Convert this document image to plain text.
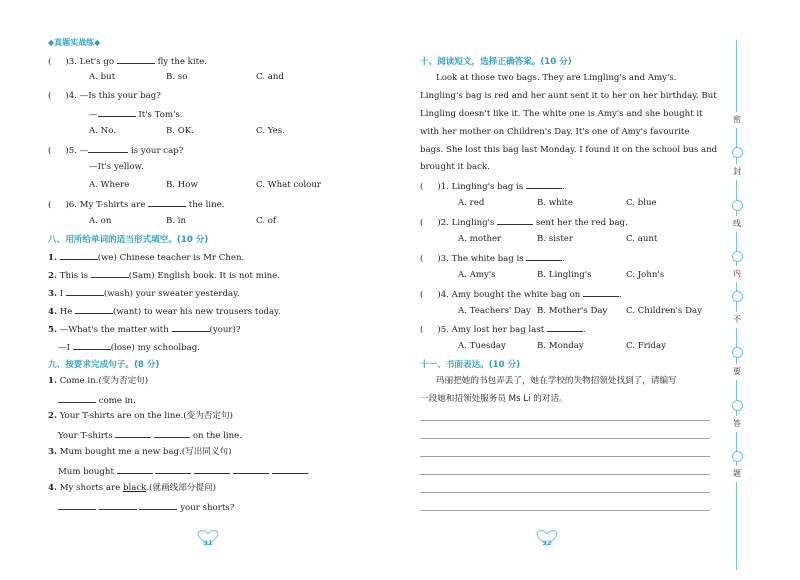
◆真题实战练◆
( )3. Let's go	fly the kite.
A. but	B. so	C. and
( )4. —Is this your bag?
—	It's Tom's.
A. No.	B. OK.	C. Yes.
( )5. —	is your cap?
—It's yellow.
A. Where	B. How	C. What colour
( )6. My T-shirts are	the line.
A. on	B. in	C. of
八、用所给单词的适当形式填空。(10 分)
1.	(we) Chinese teacher is Mr Chen.
2. This is	(Sam) English book. It is not mine.
3. I	(wash) your sweater yesterday.
4. He	(want) to wear his new trousers today.
5. —What's the matter with	(your)?
—I	(lose) my schoolbag.
九、按要求完成句子。(8 分)
1. Come in.(变为否定句)
come in.
2. Your T-shirts are on the line.(变为否定句)
Your T-shirts	on the line.
3. Mum bought me a new bag.(写出同义句)
Mum bought
4. My shorts are black.(就画线部分提问)
your shorts?
31
十、阅读短文，选择正确答案。(10 分)
Look at those two bags. They are Lingling's and Amy's.
Lingling's bag is red and her aunt sent it to her on her birthday. But
Lingling doesn't like it. The white one is Amy's and she bought it
with her mother on Children's Day. It's one of Amy's favourite
bags. She lost this bag last Monday. I found it on the school bus and
brought it back.
( )1. Lingling's bag is	.
A. red	B. white	C. blue
( )2. Lingling's	sent her the red bag.
A. mother	B. sister	C. aunt
( )3. The white bag is	.
A. Amy's	B. Lingling's	C. John's
( )4. Amy bought the white bag on	.
A. Teachers' Day B. Mother's Day C. Children's Day
( )5. Amy lost her bag last	.
A. Tuesday	B. Monday	C. Friday
十一、书面表达。(10 分)
玛丽把她的书包弄丢了，她在学校的失物招领处找到了，请编写
一段她和招领处服务员 Ms Li 的对话。
32
密
封
线
内
不
要
答
题
